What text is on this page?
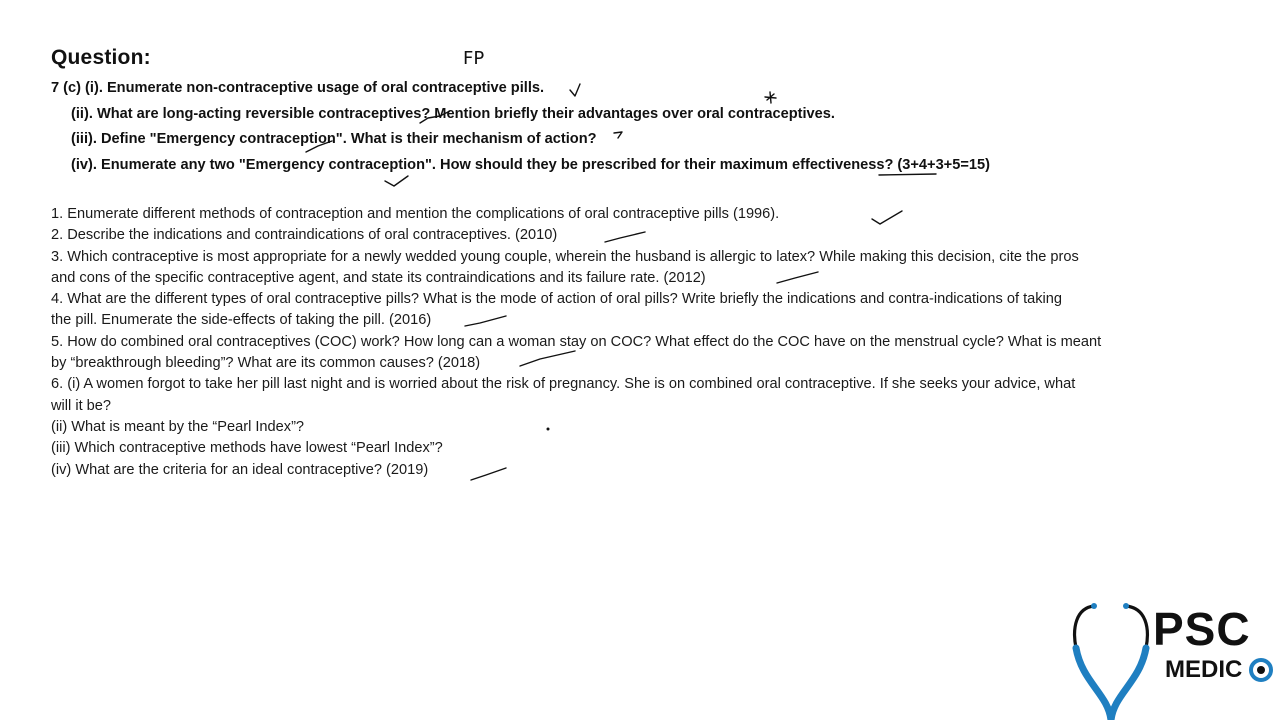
Question:
7 (c) (i). Enumerate non-contraceptive usage of oral contraceptive pills.
(ii). What are long-acting reversible contraceptives? Mention briefly their advantages over oral contraceptives.
(iii). Define "Emergency contraception". What is their mechanism of action?
(iv). Enumerate any two "Emergency contraception". How should they be prescribed for their maximum effectiveness? (3+4+3+5=15)
1. Enumerate different methods of contraception and mention the complications of oral contraceptive pills (1996).
2. Describe the indications and contraindications of oral contraceptives. (2010)
3. Which contraceptive is most appropriate for a newly wedded young couple, wherein the husband is allergic to latex? While making this decision, cite the pros
and cons of the specific contraceptive agent, and state its contraindications and its failure rate. (2012)
4. What are the different types of oral contraceptive pills? What is the mode of action of oral pills? Write briefly the indications and contra-indications of taking
the pill. Enumerate the side-effects of taking the pill. (2016)
5. How do combined oral contraceptives (COC) work? How long can a woman stay on COC? What effect do the COC have on the menstrual cycle? What is meant
by “breakthrough bleeding”? What are its common causes? (2018)
6. (i) A women forgot to take her pill last night and is worried about the risk of pregnancy. She is on combined oral contraceptive. If she seeks your advice, what
will it be?
(ii) What is meant by the “Pearl Index”?
(iii) Which contraceptive methods have lowest “Pearl Index”?
(iv) What are the criteria for an ideal contraceptive? (2019)
FP
PSC
MEDIC
